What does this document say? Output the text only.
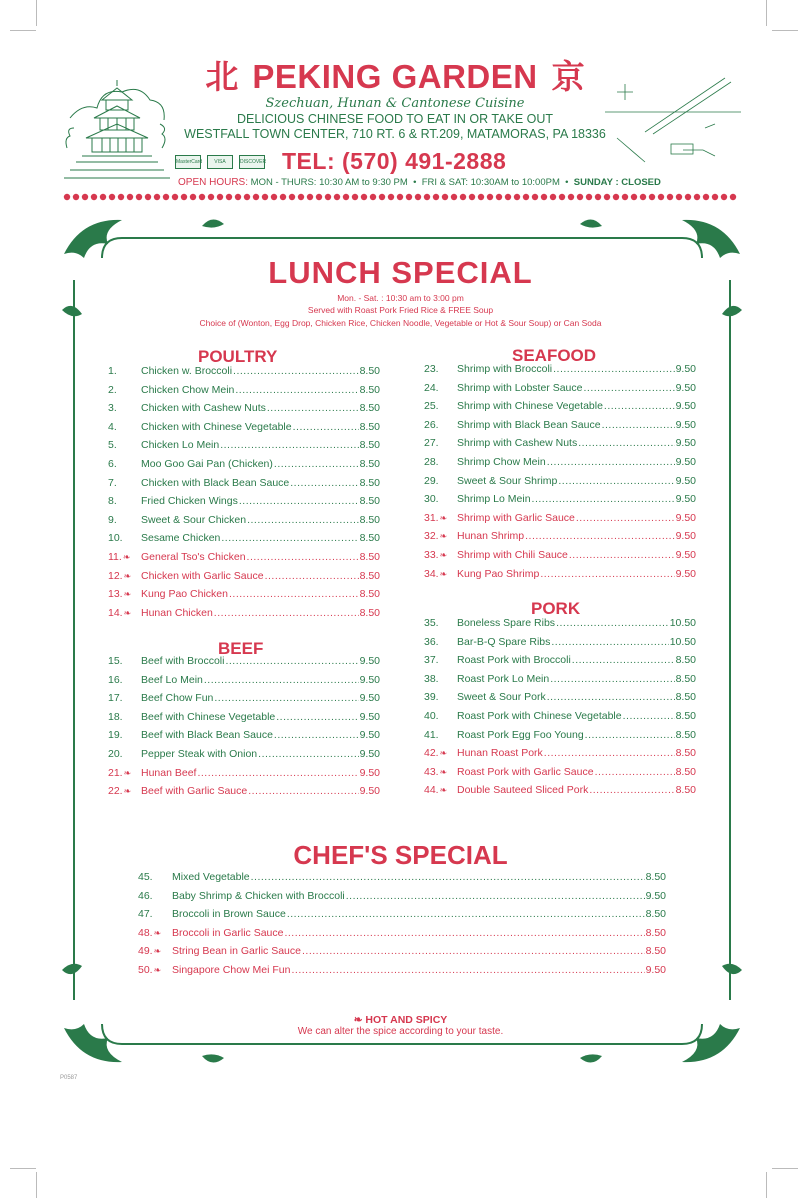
北 PEKING GARDEN 京
Szechuan, Hunan & Cantonese Cuisine
DELICIOUS CHINESE FOOD TO EAT IN OR TAKE OUT
WESTFALL TOWN CENTER, 710 RT. 6 & RT.209, MATAMORAS, PA 18336
MasterCard	VISA	DISCOVER TEL: (570) 491-2888
OPEN HOURS: MON - THURS: 10:30 AM to 9:30 PM  •  FRI & SAT: 10:30AM to 10:00PM  •  SUNDAY : CLOSED
LUNCH SPECIAL
Mon. - Sat. : 10:30 am to 3:00 pm
Served with Roast Pork Fried Rice & FREE Soup
Choice of (Wonton, Egg Drop, Chicken Rice, Chicken Noodle, Vegetable or Hot & Sour Soup) or Can Soda
POULTRY
1.	Chicken w. Broccoli .....	8.50
2.	Chicken Chow Mein .....	8.50
3.	Chicken with Cashew Nuts .....	8.50
4.	Chicken with Chinese Vegetable .....	8.50
5.	Chicken Lo Mein .....	8.50
6.	Moo Goo Gai Pan (Chicken) .....	8.50
7.	Chicken with Black Bean Sauce .....	8.50
8.	Fried Chicken Wings .....	8.50
9.	Sweet & Sour Chicken .....	8.50
10.	Sesame Chicken .....	8.50
11.❧	General Tso's Chicken .....	8.50
12.❧ Chicken with Garlic Sauce .....	8.50
13.❧ Kung Pao Chicken .....	8.50
14.❧ Hunan Chicken .....	8.50
BEEF
15.	Beef with Broccoli .....	9.50
16.	Beef Lo Mein .....	9.50
17.	Beef Chow Fun .....	9.50
18.	Beef with Chinese Vegetable .....	9.50
19.	Beef with Black Bean Sauce .....	9.50
20.	Pepper Steak with Onion .....	9.50
21.❧ Hunan Beef .....	9.50
22.❧ Beef with Garlic Sauce .....	9.50
SEAFOOD
23.	Shrimp with Broccoli .....	9.50
24.	Shrimp with Lobster Sauce .....	9.50
25.	Shrimp with Chinese Vegetable .....	9.50
26.	Shrimp with Black Bean Sauce .....	9.50
27.	Shrimp with Cashew Nuts .....	9.50
28.	Shrimp Chow Mein .....	9.50
29.	Sweet & Sour Shrimp .....	9.50
30.	Shrimp Lo Mein .....	9.50
31.❧ Shrimp with Garlic Sauce .....	9.50
32.❧ Hunan Shrimp .....	9.50
33.❧ Shrimp with Chili Sauce .....	9.50
34.❧ Kung Pao Shrimp .....	9.50
PORK
35.	Boneless Spare Ribs .....	10.50
36.	Bar-B-Q Spare Ribs .....	10.50
37.	Roast Pork with Broccoli .....	8.50
38.	Roast Pork Lo Mein .....	8.50
39.	Sweet & Sour Pork .....	8.50
40.	Roast Pork with Chinese Vegetable .....	8.50
41.	Roast Pork Egg Foo Young .....	8.50
42.❧ Hunan Roast Pork .....	8.50
43.❧ Roast Pork with Garlic Sauce .....	8.50
44.❧ Double Sauteed Sliced Pork .....	8.50
CHEF'S SPECIAL
45.	Mixed Vegetable .....	8.50
46.	Baby Shrimp & Chicken with Broccoli .....	9.50
47.	Broccoli in Brown Sauce .....	8.50
48.❧	Broccoli in Garlic Sauce .....	8.50
49.❧	String Bean in Garlic Sauce .....	8.50
50.❧	Singapore Chow Mei Fun .....	9.50
❧ HOT AND SPICY
We can alter the spice according to your taste.
P0587
